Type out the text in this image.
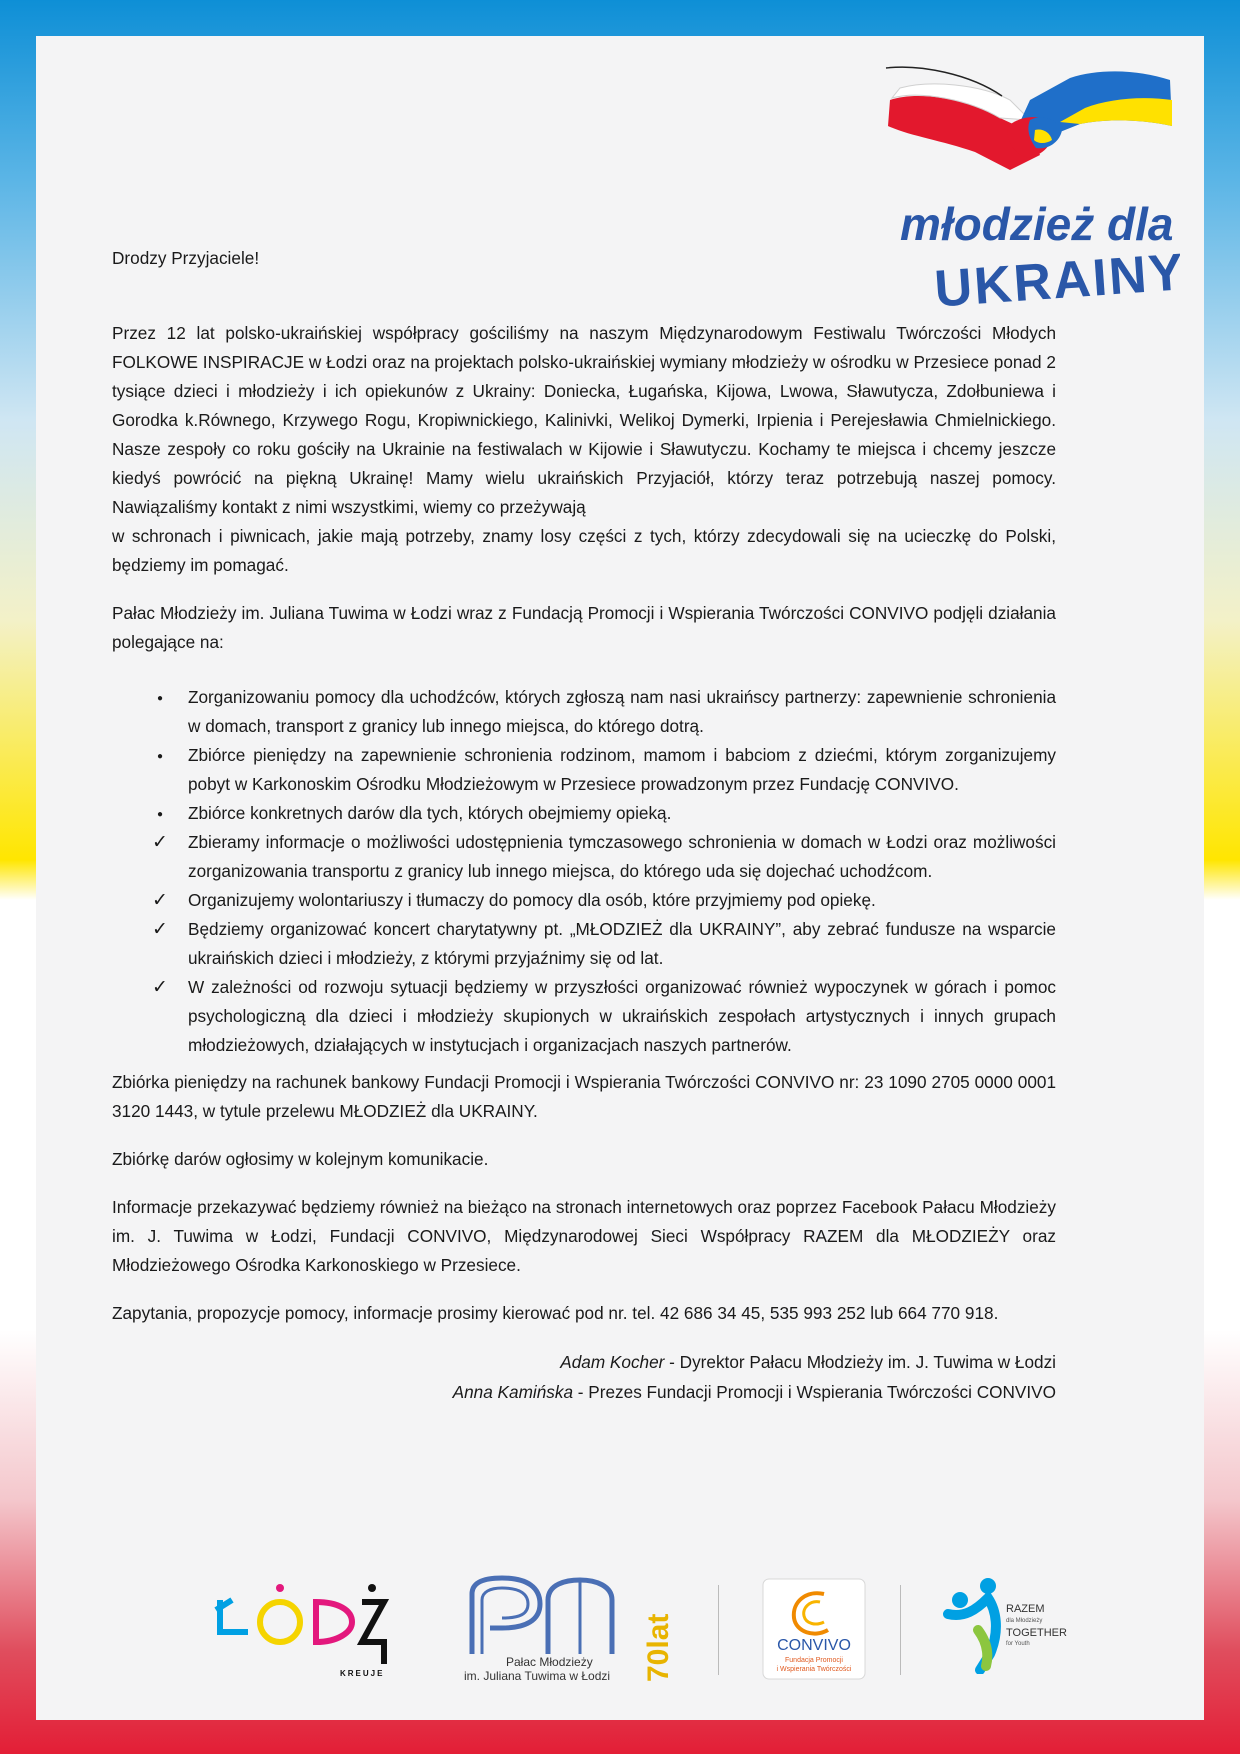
młodzież dla
UKRAINY

Drodzy Przyjaciele!

Przez 12 lat polsko-ukraińskiej współpracy gościliśmy na naszym Międzynarodowym Festiwalu Twórczości Młodych FOLKOWE INSPIRACJE w Łodzi oraz na projektach polsko-ukraińskiej wymiany młodzieży w ośrodku w Przesiece ponad 2 tysiące dzieci i młodzieży i ich opiekunów z Ukrainy: Doniecka, Ługańska, Kijowa, Lwowa, Sławutycza, Zdołbuniewa i Gorodka k.Równego, Krzywego Rogu, Kropiwnickiego, Kalinivki, Welikoj Dymerki, Irpienia i Perejesławia Chmielnickiego. Nasze zespoły co roku gościły na Ukrainie na festiwalach w Kijowie i Sławutyczu. Kochamy te miejsca i chcemy jeszcze kiedyś powrócić na piękną Ukrainę! Mamy wielu ukraińskich Przyjaciół, którzy teraz potrzebują naszej pomocy. Nawiązaliśmy kontakt z nimi wszystkimi, wiemy co przeżywają

w schronach i piwnicach, jakie mają potrzeby, znamy losy części z tych, którzy zdecydowali się na ucieczkę do Polski, będziemy im pomagać.

Pałac Młodzieży im. Juliana Tuwima w Łodzi wraz z Fundacją Promocji i Wspierania Twórczości CONVIVO podjęli działania polegające na:

●
Zorganizowaniu pomocy dla uchodźców, których zgłoszą nam nasi ukraińscy partnerzy: zapewnienie schronienia w domach, transport z granicy lub innego miejsca, do którego dotrą.
●
Zbiórce pieniędzy na zapewnienie schronienia rodzinom, mamom i babciom z dziećmi, którym zorganizujemy pobyt w Karkonoskim Ośrodku Młodzieżowym w Przesiece prowadzonym przez Fundację CONVIVO.
●
Zbiórce konkretnych darów dla tych, których obejmiemy opieką.
✓
Zbieramy informacje o możliwości udostępnienia tymczasowego schronienia w domach w Łodzi oraz możliwości zorganizowania transportu z granicy lub innego miejsca, do którego uda się dojechać uchodźcom.
✓
Organizujemy wolontariuszy i tłumaczy do pomocy dla osób, które przyjmiemy pod opiekę.
✓
Będziemy organizować koncert charytatywny pt. „MŁODZIEŻ dla UKRAINY”, aby zebrać fundusze na wsparcie ukraińskich dzieci i młodzieży, z którymi przyjaźnimy się od lat.
✓
W zależności od rozwoju sytuacji będziemy w przyszłości organizować również wypoczynek w górach i pomoc psychologiczną dla dzieci i młodzieży skupionych w ukraińskich zespołach artystycznych i innych grupach młodzieżowych, działających w instytucjach i organizacjach naszych partnerów.

Zbiórka pieniędzy na rachunek bankowy Fundacji Promocji i Wspierania Twórczości CONVIVO nr: 23 1090 2705 0000 0001 3120 1443, w tytule przelewu MŁODZIEŻ dla UKRAINY.

Zbiórkę darów ogłosimy w kolejnym komunikacie.

Informacje przekazywać będziemy również na bieżąco na stronach internetowych oraz poprzez Facebook Pałacu Młodzieży im. J. Tuwima w Łodzi, Fundacji CONVIVO, Międzynarodowej Sieci Współpracy RAZEM dla MŁODZIEŻY oraz Młodzieżowego Ośrodka Karkonoskiego w Przesiece.

Zapytania, propozycje pomocy, informacje prosimy kierować pod nr. tel. 42 686 34 45, 535 993 252 lub 664 770 918.

Adam Kocher - Dyrektor Pałacu Młodzieży im. J. Tuwima w Łodzi
Anna Kamińska - Prezes Fundacji Promocji i Wspierania Twórczości CONVIVO
KREUJE
Pałac Młodzieży
im. Juliana Tuwima w Łodzi 70lat	CONVIVO
Fundacja Promocji
i Wspierania Twórczości
RAZEM
dla Młodzieży
TOGETHER
for Youth
